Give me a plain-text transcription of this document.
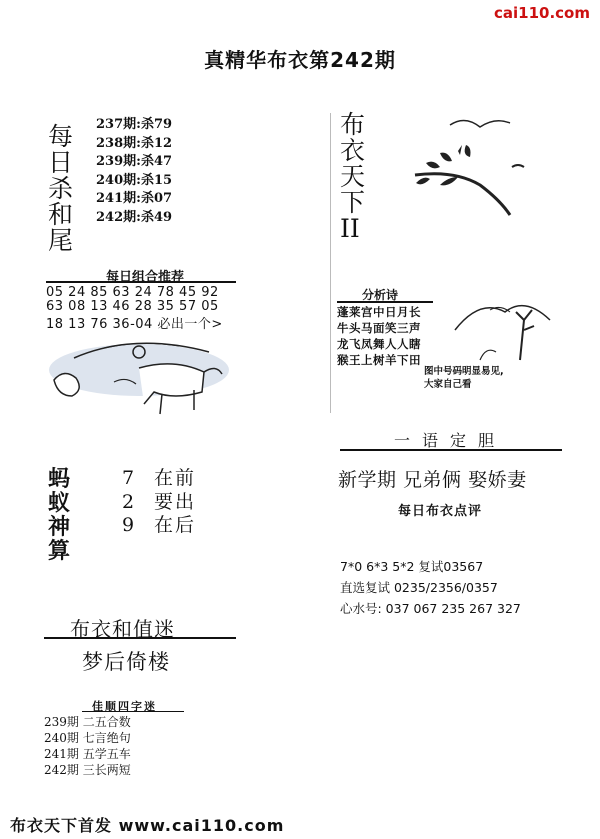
cai110.com
真精华布衣第242期
每
日
杀
和
尾
237期:杀79
238期:杀12
239期:杀47
240期:杀15
241期:杀07
242期:杀49
每日组合推荐
05 24 85 63 24 78 45 92
63 08 13 46 28 35 57 05
18 13 76 36-04 必出一个>
布
衣
天
下
II
分析诗
蓬莱宫中日月长
牛头马面笑三声
龙飞凤舞人人瞎
猴王上树羊下田
图中号码明显易见,
大家自己看
一语定胆
新学期 兄弟俩 娶娇妻
每日布衣点评
7*0 6*3 5*2 复试03567
直选复试 0235/2356/0357
心水号: 037 067 235 267 327
蚂
蚁
神
算
7 在前
2 要出
9 在后
布衣和值迷
梦后倚楼
佳顺四字迷
239期 二五合数
240期 七言绝句
241期 五学五车
242期 三长两短
布衣天下首发 www.cai110.com
